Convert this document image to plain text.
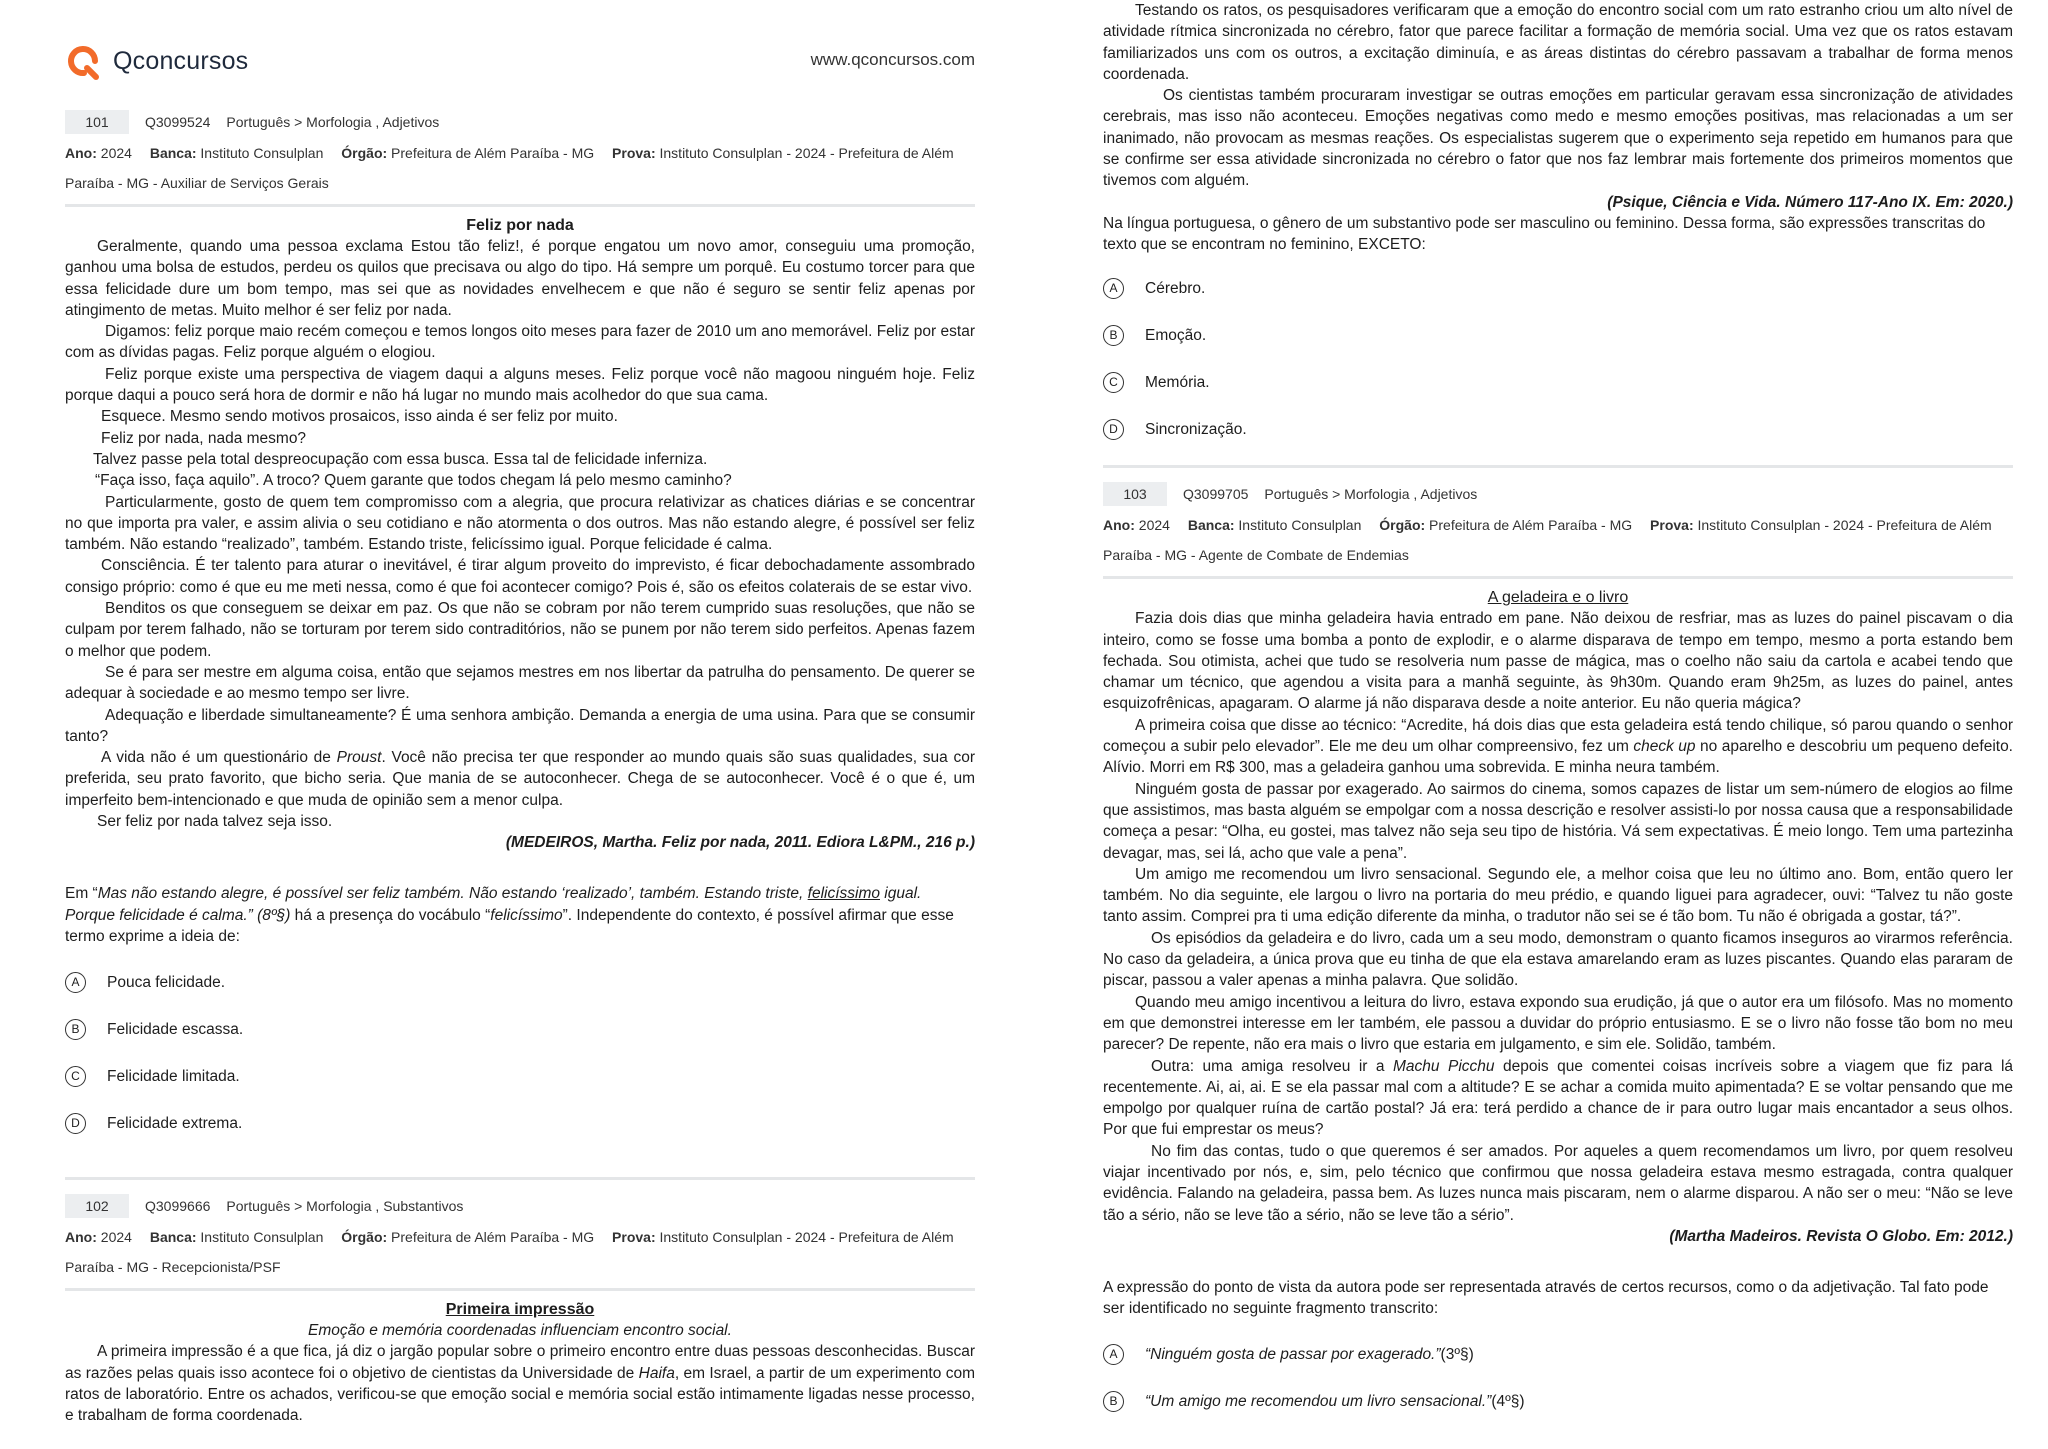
Qconcursos	www.qconcursos.com
101	Q3099524 Português > Morfologia , Adjetivos
Ano: 2024 Banca: Instituto Consulplan Órgão: Prefeitura de Além Paraíba - MG Prova: Instituto Consulplan - 2024 - Prefeitura de Além Paraíba - MG - Auxiliar de Serviços Gerais
Feliz por nada

Geralmente, quando uma pessoa exclama Estou tão feliz!, é porque engatou um novo amor, conseguiu uma promoção, ganhou uma bolsa de estudos, perdeu os quilos que precisava ou algo do tipo. Há sempre um porquê. Eu costumo torcer para que essa felicidade dure um bom tempo, mas sei que as novidades envelhecem e que não é seguro se sentir feliz apenas por atingimento de metas. Muito melhor é ser feliz por nada.

Digamos: feliz porque maio recém começou e temos longos oito meses para fazer de 2010 um ano memorável. Feliz por estar com as dívidas pagas. Feliz porque alguém o elogiou.

Feliz porque existe uma perspectiva de viagem daqui a alguns meses. Feliz porque você não magoou ninguém hoje. Feliz porque daqui a pouco será hora de dormir e não há lugar no mundo mais acolhedor do que sua cama.

Esquece. Mesmo sendo motivos prosaicos, isso ainda é ser feliz por muito.

Feliz por nada, nada mesmo?

Talvez passe pela total despreocupação com essa busca. Essa tal de felicidade inferniza.

“Faça isso, faça aquilo”. A troco? Quem garante que todos chegam lá pelo mesmo caminho?

Particularmente, gosto de quem tem compromisso com a alegria, que procura relativizar as chatices diárias e se concentrar no que importa pra valer, e assim alivia o seu cotidiano e não atormenta o dos outros. Mas não estando alegre, é possível ser feliz também. Não estando “realizado”, também. Estando triste, felicíssimo igual. Porque felicidade é calma.

Consciência. É ter talento para aturar o inevitável, é tirar algum proveito do imprevisto, é ficar debochadamente assombrado consigo próprio: como é que eu me meti nessa, como é que foi acontecer comigo? Pois é, são os efeitos colaterais de se estar vivo.

Benditos os que conseguem se deixar em paz. Os que não se cobram por não terem cumprido suas resoluções, que não se culpam por terem falhado, não se torturam por terem sido contraditórios, não se punem por não terem sido perfeitos. Apenas fazem o melhor que podem.

Se é para ser mestre em alguma coisa, então que sejamos mestres em nos libertar da patrulha do pensamento. De querer se adequar à sociedade e ao mesmo tempo ser livre.

Adequação e liberdade simultaneamente? É uma senhora ambição. Demanda a energia de uma usina. Para que se consumir tanto?

A vida não é um questionário de Proust. Você não precisa ter que responder ao mundo quais são suas qualidades, sua cor preferida, seu prato favorito, que bicho seria. Que mania de se autoconhecer. Chega de se autoconhecer. Você é o que é, um imperfeito bem-intencionado e que muda de opinião sem a menor culpa.

Ser feliz por nada talvez seja isso.

(MEDEIROS, Martha. Feliz por nada, 2011. Ediora L&PM., 216 p.)
Em “Mas não estando alegre, é possível ser feliz também. Não estando ‘realizado’, também. Estando triste, felicíssimo igual. Porque felicidade é calma.” (8º§) há a presença do vocábulo “felicíssimo”. Independente do contexto, é possível afirmar que esse termo exprime a ideia de:
A	Pouca felicidade.
B	Felicidade escassa.
C	Felicidade limitada.
D	Felicidade extrema.
102	Q3099666 Português > Morfologia , Substantivos
Ano: 2024 Banca: Instituto Consulplan Órgão: Prefeitura de Além Paraíba - MG Prova: Instituto Consulplan - 2024 - Prefeitura de Além Paraíba - MG - Recepcionista/PSF
Primeira impressão
Emoção e memória coordenadas influenciam encontro social.

A primeira impressão é a que fica, já diz o jargão popular sobre o primeiro encontro entre duas pessoas desconhecidas. Buscar as razões pelas quais isso acontece foi o objetivo de cientistas da Universidade de Haifa, em Israel, a partir de um experimento com ratos de laboratório. Entre os achados, verificou-se que emoção social e memória social estão intimamente ligadas nesse processo, e trabalham de forma coordenada.

Testando os ratos, os pesquisadores verificaram que a emoção do encontro social com um rato estranho criou um alto nível de atividade rítmica sincronizada no cérebro, fator que parece facilitar a formação de memória social. Uma vez que os ratos estavam familiarizados uns com os outros, a excitação diminuía, e as áreas distintas do cérebro passavam a trabalhar de forma menos coordenada.

Os cientistas também procuraram investigar se outras emoções em particular geravam essa sincronização de atividades cerebrais, mas isso não aconteceu. Emoções negativas como medo e mesmo emoções positivas, mas relacionadas a um ser inanimado, não provocam as mesmas reações. Os especialistas sugerem que o experimento seja repetido em humanos para que se confirme ser essa atividade sincronizada no cérebro o fator que nos faz lembrar mais fortemente dos primeiros momentos que tivemos com alguém.

(Psique, Ciência e Vida. Número 117-Ano IX. Em: 2020.)
Na língua portuguesa, o gênero de um substantivo pode ser masculino ou feminino. Dessa forma, são expressões transcritas do texto que se encontram no feminino, EXCETO:
A	Cérebro.
B	Emoção.
C	Memória.
D	Sincronização.
103	Q3099705 Português > Morfologia , Adjetivos
Ano: 2024 Banca: Instituto Consulplan Órgão: Prefeitura de Além Paraíba - MG Prova: Instituto Consulplan - 2024 - Prefeitura de Além Paraíba - MG - Agente de Combate de Endemias
A geladeira e o livro

Fazia dois dias que minha geladeira havia entrado em pane. Não deixou de resfriar, mas as luzes do painel piscavam o dia inteiro, como se fosse uma bomba a ponto de explodir, e o alarme disparava de tempo em tempo, mesmo a porta estando bem fechada. Sou otimista, achei que tudo se resolveria num passe de mágica, mas o coelho não saiu da cartola e acabei tendo que chamar um técnico, que agendou a visita para a manhã seguinte, às 9h30m. Quando eram 9h25m, as luzes do painel, antes esquizofrênicas, apagaram. O alarme já não disparava desde a noite anterior. Eu não queria mágica?

A primeira coisa que disse ao técnico: “Acredite, há dois dias que esta geladeira está tendo chilique, só parou quando o senhor começou a subir pelo elevador”. Ele me deu um olhar compreensivo, fez um check up no aparelho e descobriu um pequeno defeito. Alívio. Morri em R$ 300, mas a geladeira ganhou uma sobrevida. E minha neura também.

Ninguém gosta de passar por exagerado. Ao sairmos do cinema, somos capazes de listar um sem-número de elogios ao filme que assistimos, mas basta alguém se empolgar com a nossa descrição e resolver assisti-lo por nossa causa que a responsabilidade começa a pesar: “Olha, eu gostei, mas talvez não seja seu tipo de história. Vá sem expectativas. É meio longo. Tem uma partezinha devagar, mas, sei lá, acho que vale a pena”.

Um amigo me recomendou um livro sensacional. Segundo ele, a melhor coisa que leu no último ano. Bom, então quero ler também. No dia seguinte, ele largou o livro na portaria do meu prédio, e quando liguei para agradecer, ouvi: “Talvez tu não goste tanto assim. Comprei pra ti uma edição diferente da minha, o tradutor não sei se é tão bom. Tu não é obrigada a gostar, tá?”.

Os episódios da geladeira e do livro, cada um a seu modo, demonstram o quanto ficamos inseguros ao virarmos referência. No caso da geladeira, a única prova que eu tinha de que ela estava amarelando eram as luzes piscantes. Quando elas pararam de piscar, passou a valer apenas a minha palavra. Que solidão.

Quando meu amigo incentivou a leitura do livro, estava expondo sua erudição, já que o autor era um filósofo. Mas no momento em que demonstrei interesse em ler também, ele passou a duvidar do próprio entusiasmo. E se o livro não fosse tão bom no meu parecer? De repente, não era mais o livro que estaria em julgamento, e sim ele. Solidão, também.

Outra: uma amiga resolveu ir a Machu Picchu depois que comentei coisas incríveis sobre a viagem que fiz para lá recentemente. Ai, ai, ai. E se ela passar mal com a altitude? E se achar a comida muito apimentada? E se voltar pensando que me empolgo por qualquer ruína de cartão postal? Já era: terá perdido a chance de ir para outro lugar mais encantador a seus olhos. Por que fui emprestar os meus?

No fim das contas, tudo o que queremos é ser amados. Por aqueles a quem recomendamos um livro, por quem resolveu viajar incentivado por nós, e, sim, pelo técnico que confirmou que nossa geladeira estava mesmo estragada, contra qualquer evidência. Falando na geladeira, passa bem. As luzes nunca mais piscaram, nem o alarme disparou. A não ser o meu: “Não se leve tão a sério, não se leve tão a sério, não se leve tão a sério”.

(Martha Madeiros. Revista O Globo. Em: 2012.)
A expressão do ponto de vista da autora pode ser representada através de certos recursos, como o da adjetivação. Tal fato pode ser identificado no seguinte fragmento transcrito:
A	“Ninguém gosta de passar por exagerado.” (3º§)
B	“Um amigo me recomendou um livro sensacional.” (4º§)
